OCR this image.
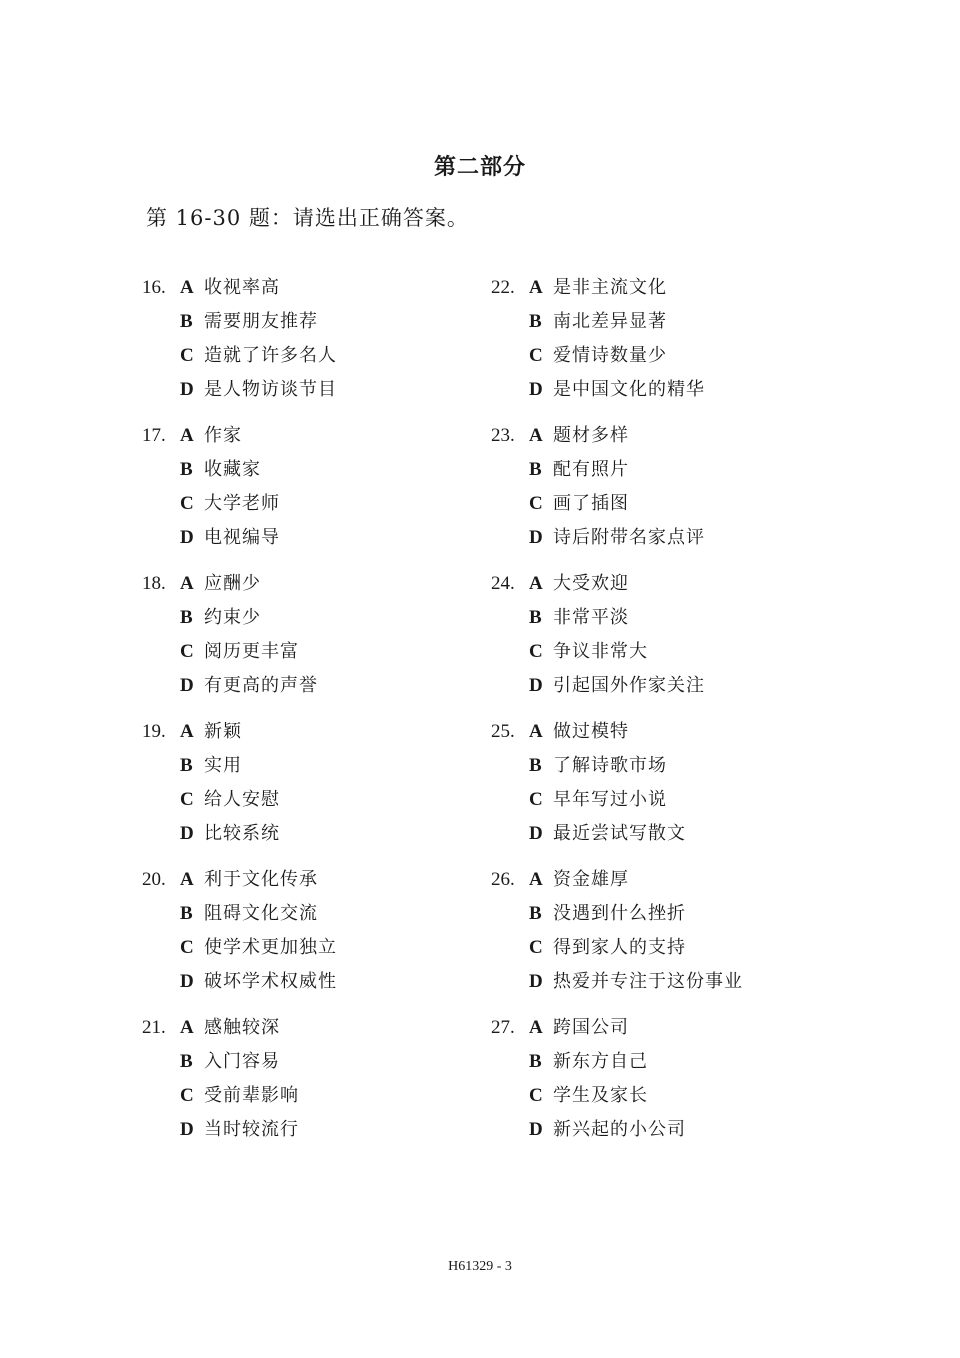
第二部分
第 16-30 题：请选出正确答案。
16. A 收视率高
B 需要朋友推荐
C 造就了许多名人
D 是人物访谈节目
17. A 作家
B 收藏家
C 大学老师
D 电视编导
18. A 应酬少
B 约束少
C 阅历更丰富
D 有更高的声誉
19. A 新颖
B 实用
C 给人安慰
D 比较系统
20. A 利于文化传承
B 阻碍文化交流
C 使学术更加独立
D 破坏学术权威性
21. A 感触较深
B 入门容易
C 受前辈影响
D 当时较流行
22. A 是非主流文化
B 南北差异显著
C 爱情诗数量少
D 是中国文化的精华
23. A 题材多样
B 配有照片
C 画了插图
D 诗后附带名家点评
24. A 大受欢迎
B 非常平淡
C 争议非常大
D 引起国外作家关注
25. A 做过模特
B 了解诗歌市场
C 早年写过小说
D 最近尝试写散文
26. A 资金雄厚
B 没遇到什么挫折
C 得到家人的支持
D 热爱并专注于这份事业
27. A 跨国公司
B 新东方自己
C 学生及家长
D 新兴起的小公司
H61329 - 3
